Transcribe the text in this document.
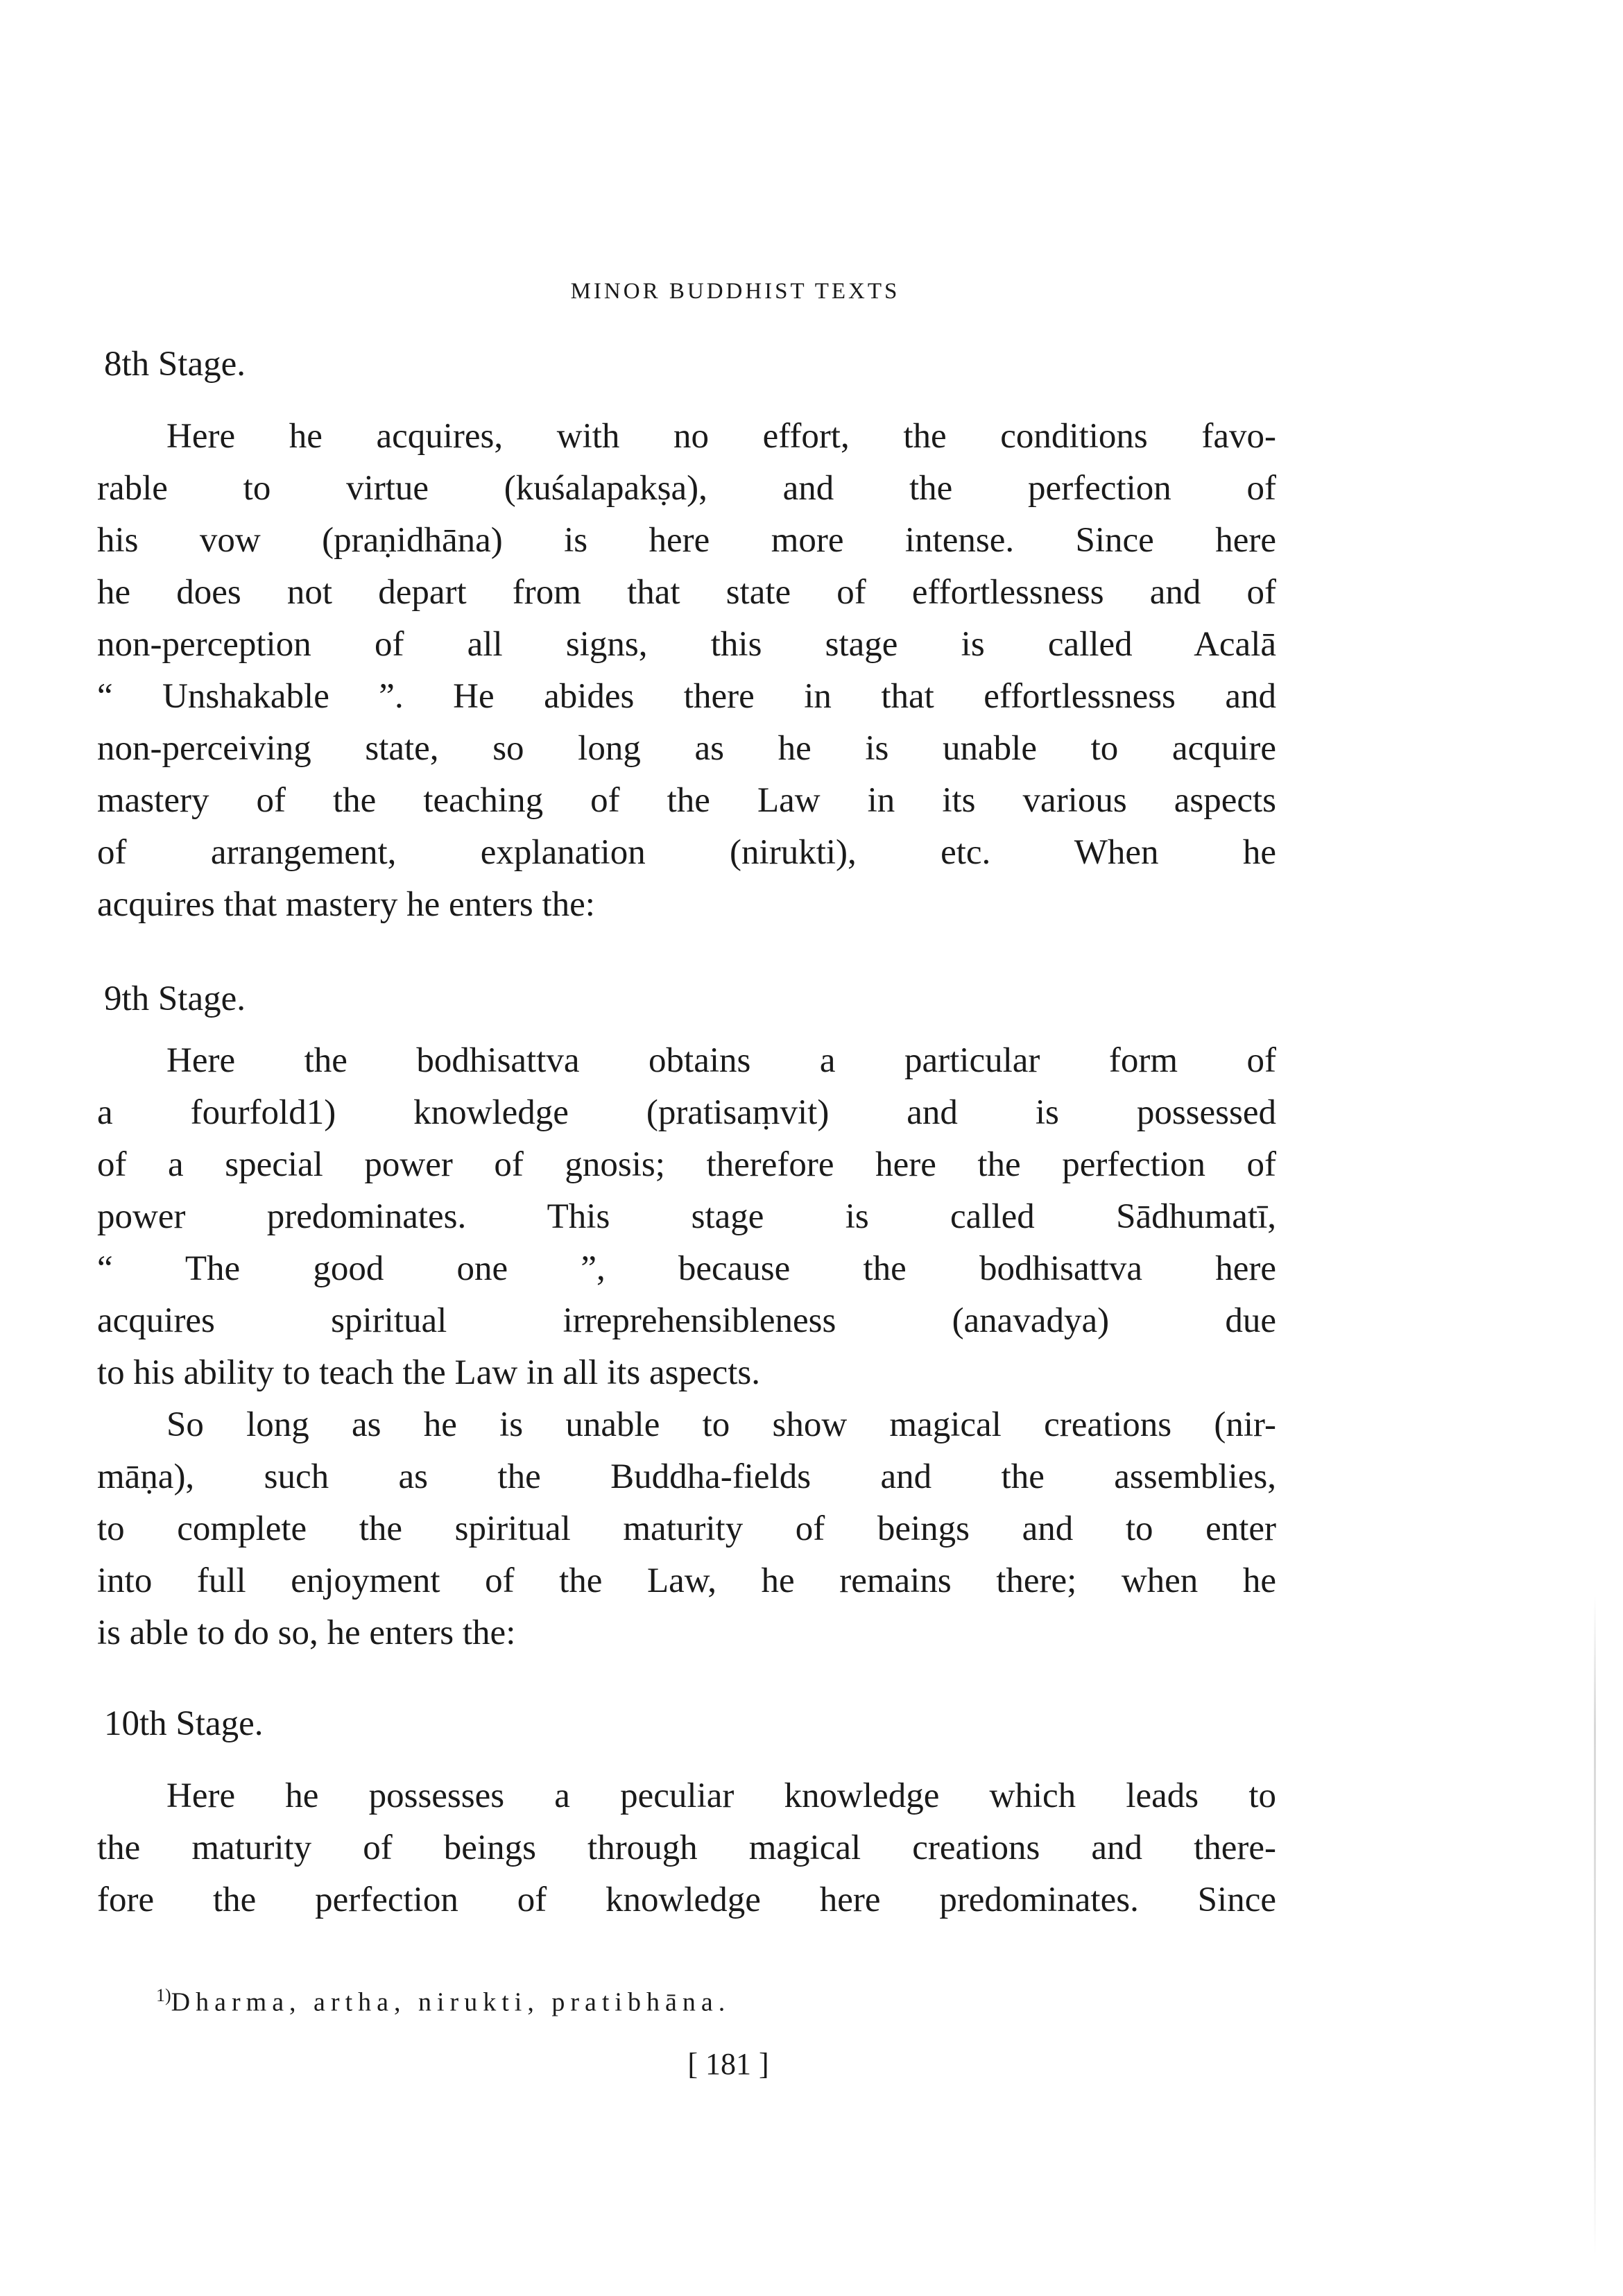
MINOR BUDDHIST TEXTS
8th Stage.
Here he acquires, with no effort, the conditions favo-
rable to virtue (kuśalapakṣa), and the perfection of
his vow (praṇidhāna) is here more intense. Since here
he does not depart from that state of effortlessness and of
non-perception of all signs, this stage is called Acalā
“ Unshakable ”. He abides there in that effortlessness and
non-perceiving state, so long as he is unable to acquire
mastery of the teaching of the Law in its various aspects
of arrangement, explanation (nirukti), etc. When he
acquires that mastery he enters the:
9th Stage.
Here the bodhisattva obtains a particular form of
a fourfold1) knowledge (pratisaṃvit) and is possessed
of a special power of gnosis; therefore here the perfection of
power predominates. This stage is called Sādhumatī,
“ The good one ”, because the bodhisattva here
acquires spiritual irreprehensibleness (anavadya) due
to his ability to teach the Law in all its aspects.
So long as he is unable to show magical creations (nir-
māṇa), such as the Buddha-fields and the assemblies,
to complete the spiritual maturity of beings and to enter
into full enjoyment of the Law, he remains there; when he
is able to do so, he enters the:
10th Stage.
Here he possesses a peculiar knowledge which leads to
the maturity of beings through magical creations and there-
fore the perfection of knowledge here predominates. Since
$^{1)}$Dharma, artha, nirukti, pratibhāna.
[ 181 ]
